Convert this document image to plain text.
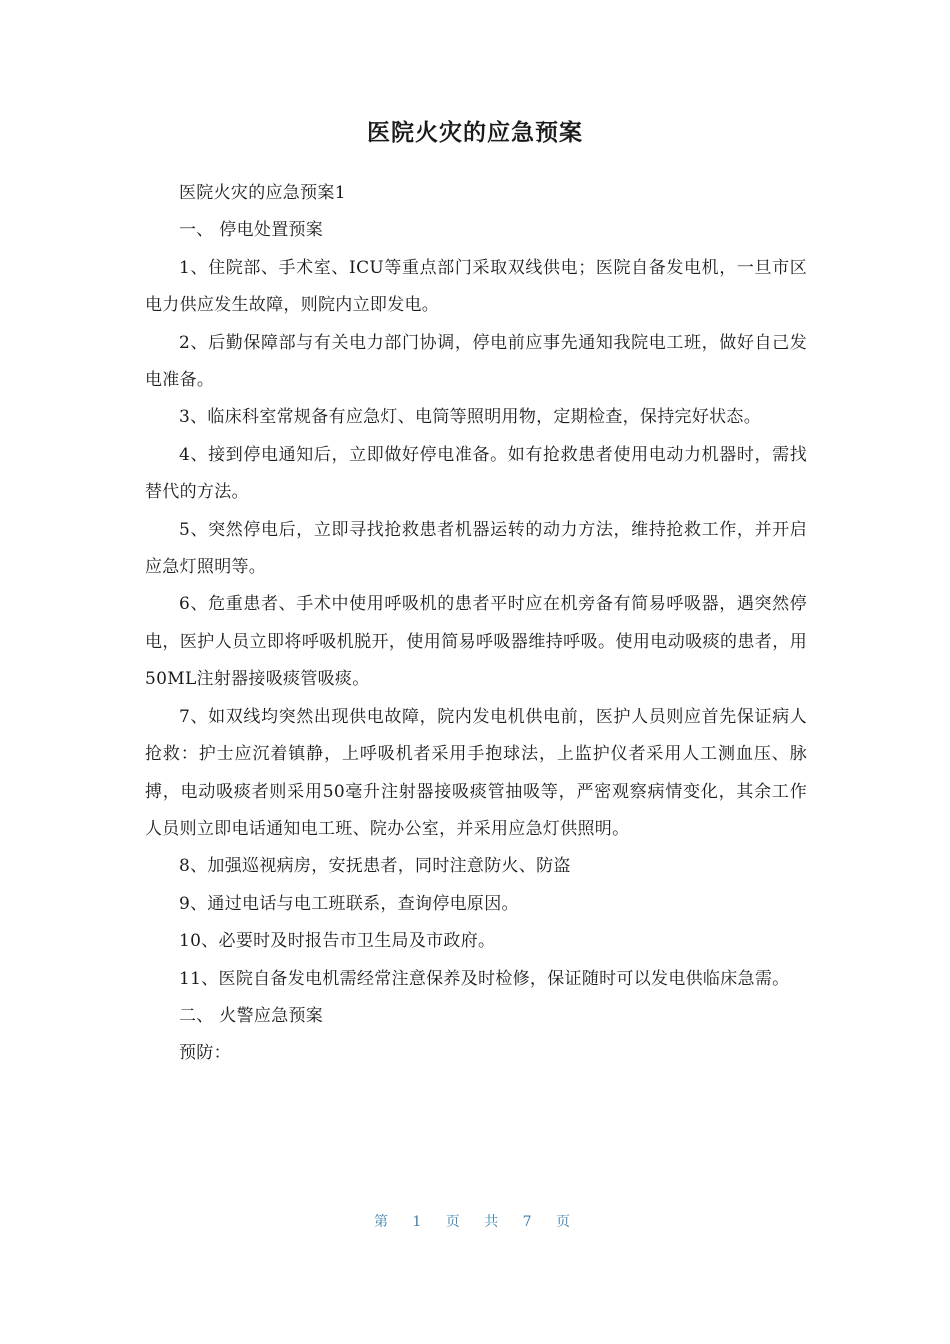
医院火灾的应急预案

医院火灾的应急预案1

一、 停电处置预案

1、住院部、手术室、ICU等重点部门采取双线供电；医院自备发电机，一旦市区电力供应发生故障，则院内立即发电。

2、后勤保障部与有关电力部门协调，停电前应事先通知我院电工班，做好自己发电准备。

3、临床科室常规备有应急灯、电筒等照明用物，定期检查，保持完好状态。

4、接到停电通知后，立即做好停电准备。如有抢救患者使用电动力机器时，需找替代的方法。

5、突然停电后，立即寻找抢救患者机器运转的动力方法，维持抢救工作，并开启应急灯照明等。

6、危重患者、手术中使用呼吸机的患者平时应在机旁备有简易呼吸器，遇突然停电，医护人员立即将呼吸机脱开，使用简易呼吸器维持呼吸。使用电动吸痰的患者，用50ML注射器接吸痰管吸痰。

7、如双线均突然出现供电故障，院内发电机供电前，医护人员则应首先保证病人抢救：护士应沉着镇静，上呼吸机者采用手抱球法，上监护仪者采用人工测血压、脉搏，电动吸痰者则采用50毫升注射器接吸痰管抽吸等，严密观察病情变化，其余工作人员则立即电话通知电工班、院办公室，并采用应急灯供照明。

8、加强巡视病房，安抚患者，同时注意防火、防盗

9、通过电话与电工班联系，查询停电原因。

10、必要时及时报告市卫生局及市政府。

11、医院自备发电机需经常注意保养及时检修，保证随时可以发电供临床急需。

二、 火警应急预案

预防：

第 1 页 共 7 页
